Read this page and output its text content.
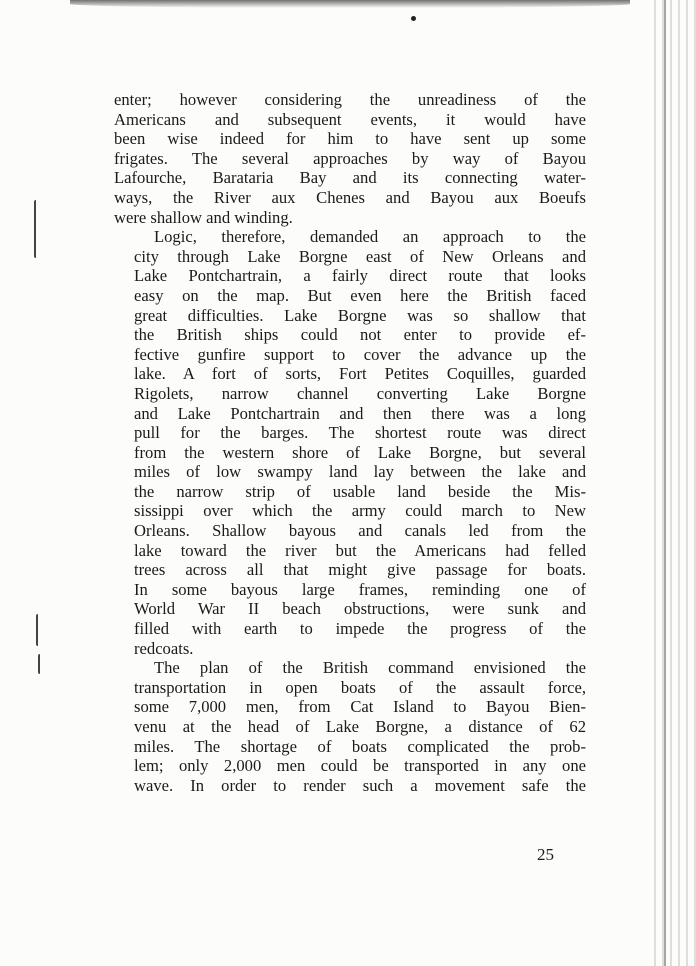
enter; however considering the unreadiness of the
Americans and subsequent events, it would have
been wise indeed for him to have sent up some
frigates. The several approaches by way of Bayou
Lafourche, Barataria Bay and its connecting water-
ways, the River aux Chenes and Bayou aux Boeufs
were shallow and winding.
Logic, therefore, demanded an approach to the
city through Lake Borgne east of New Orleans and
Lake Pontchartrain, a fairly direct route that looks
easy on the map. But even here the British faced
great difficulties. Lake Borgne was so shallow that
the British ships could not enter to provide ef-
fective gunfire support to cover the advance up the
lake. A fort of sorts, Fort Petites Coquilles, guarded
Rigolets, narrow channel converting Lake Borgne
and Lake Pontchartrain and then there was a long
pull for the barges. The shortest route was direct
from the western shore of Lake Borgne, but several
miles of low swampy land lay between the lake and
the narrow strip of usable land beside the Mis-
sissippi over which the army could march to New
Orleans. Shallow bayous and canals led from the
lake toward the river but the Americans had felled
trees across all that might give passage for boats.
In some bayous large frames, reminding one of
World War II beach obstructions, were sunk and
filled with earth to impede the progress of the
redcoats.
The plan of the British command envisioned the
transportation in open boats of the assault force,
some 7,000 men, from Cat Island to Bayou Bien-
venu at the head of Lake Borgne, a distance of 62
miles. The shortage of boats complicated the prob-
lem; only 2,000 men could be transported in any one
wave. In order to render such a movement safe the
25
